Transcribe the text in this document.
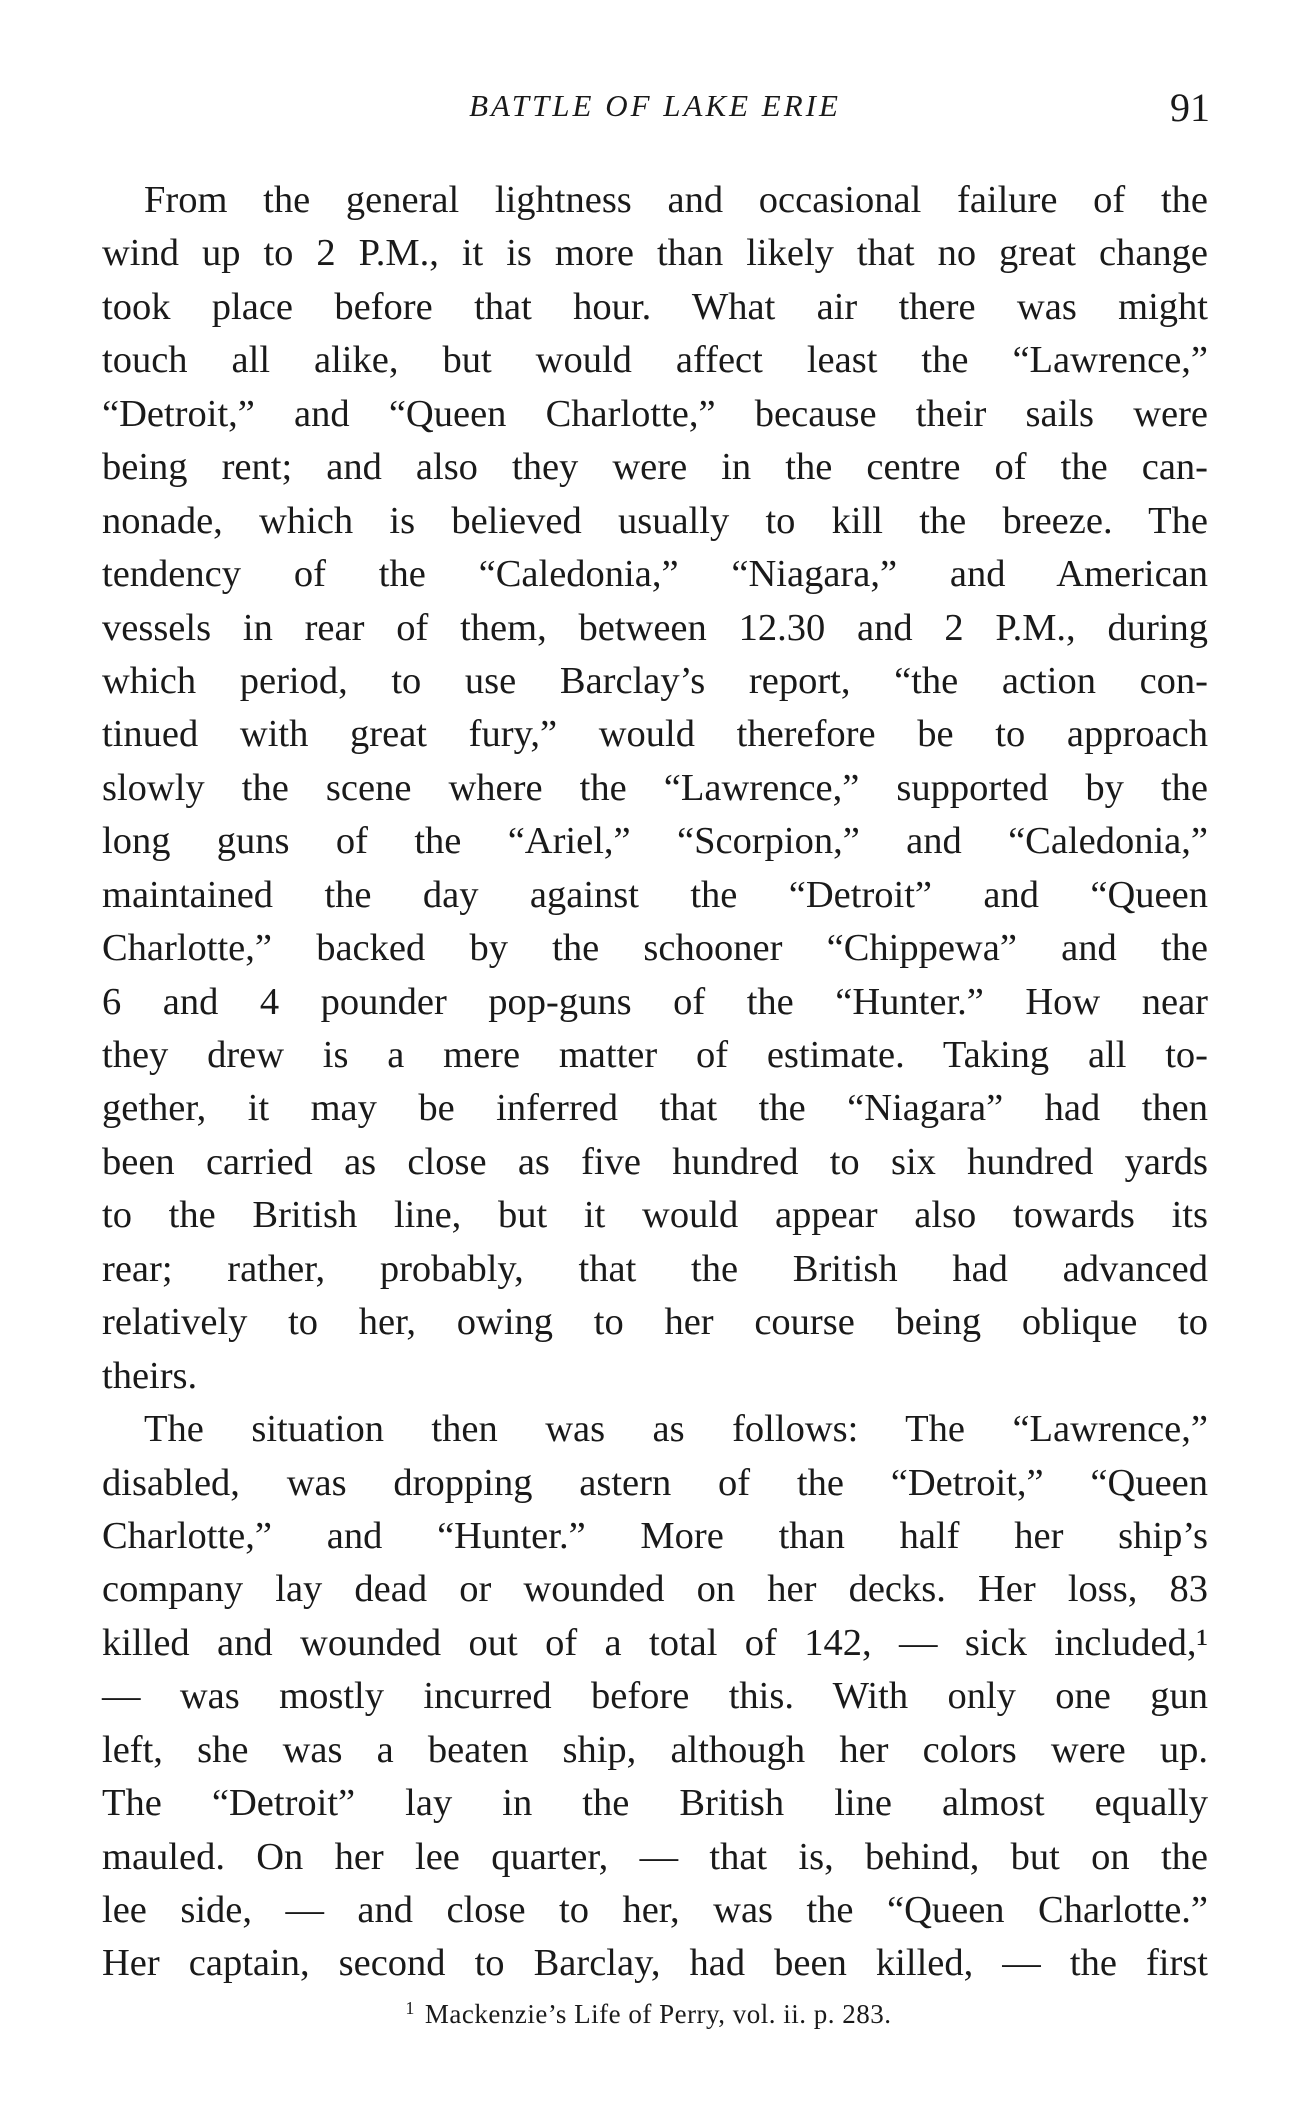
BATTLE OF LAKE ERIE	91
From the general lightness and occasional failure of the
wind up to 2 P.M., it is more than likely that no great change
took place before that hour. What air there was might
touch all alike, but would affect least the “Lawrence,”
“Detroit,” and “Queen Charlotte,” because their sails were
being rent; and also they were in the centre of the can-
nonade, which is believed usually to kill the breeze. The
tendency of the “Caledonia,” “Niagara,” and American
vessels in rear of them, between 12.30 and 2 P.M., during
which period, to use Barclay’s report, “the action con-
tinued with great fury,” would therefore be to approach
slowly the scene where the “Lawrence,” supported by the
long guns of the “Ariel,” “Scorpion,” and “Caledonia,”
maintained the day against the “Detroit” and “Queen
Charlotte,” backed by the schooner “Chippewa” and the
6 and 4 pounder pop-guns of the “Hunter.” How near
they drew is a mere matter of estimate. Taking all to-
gether, it may be inferred that the “Niagara” had then
been carried as close as five hundred to six hundred yards
to the British line, but it would appear also towards its
rear; rather, probably, that the British had advanced
relatively to her, owing to her course being oblique to
theirs.
The situation then was as follows: The “Lawrence,”
disabled, was dropping astern of the “Detroit,” “Queen
Charlotte,” and “Hunter.” More than half her ship’s
company lay dead or wounded on her decks. Her loss, 83
killed and wounded out of a total of 142, — sick included,¹
— was mostly incurred before this. With only one gun
left, she was a beaten ship, although her colors were up.
The “Detroit” lay in the British line almost equally
mauled. On her lee quarter, — that is, behind, but on the
lee side, — and close to her, was the “Queen Charlotte.”
Her captain, second to Barclay, had been killed, — the first
$^1$ Mackenzie’s Life of Perry, vol. ii. p. 283.
